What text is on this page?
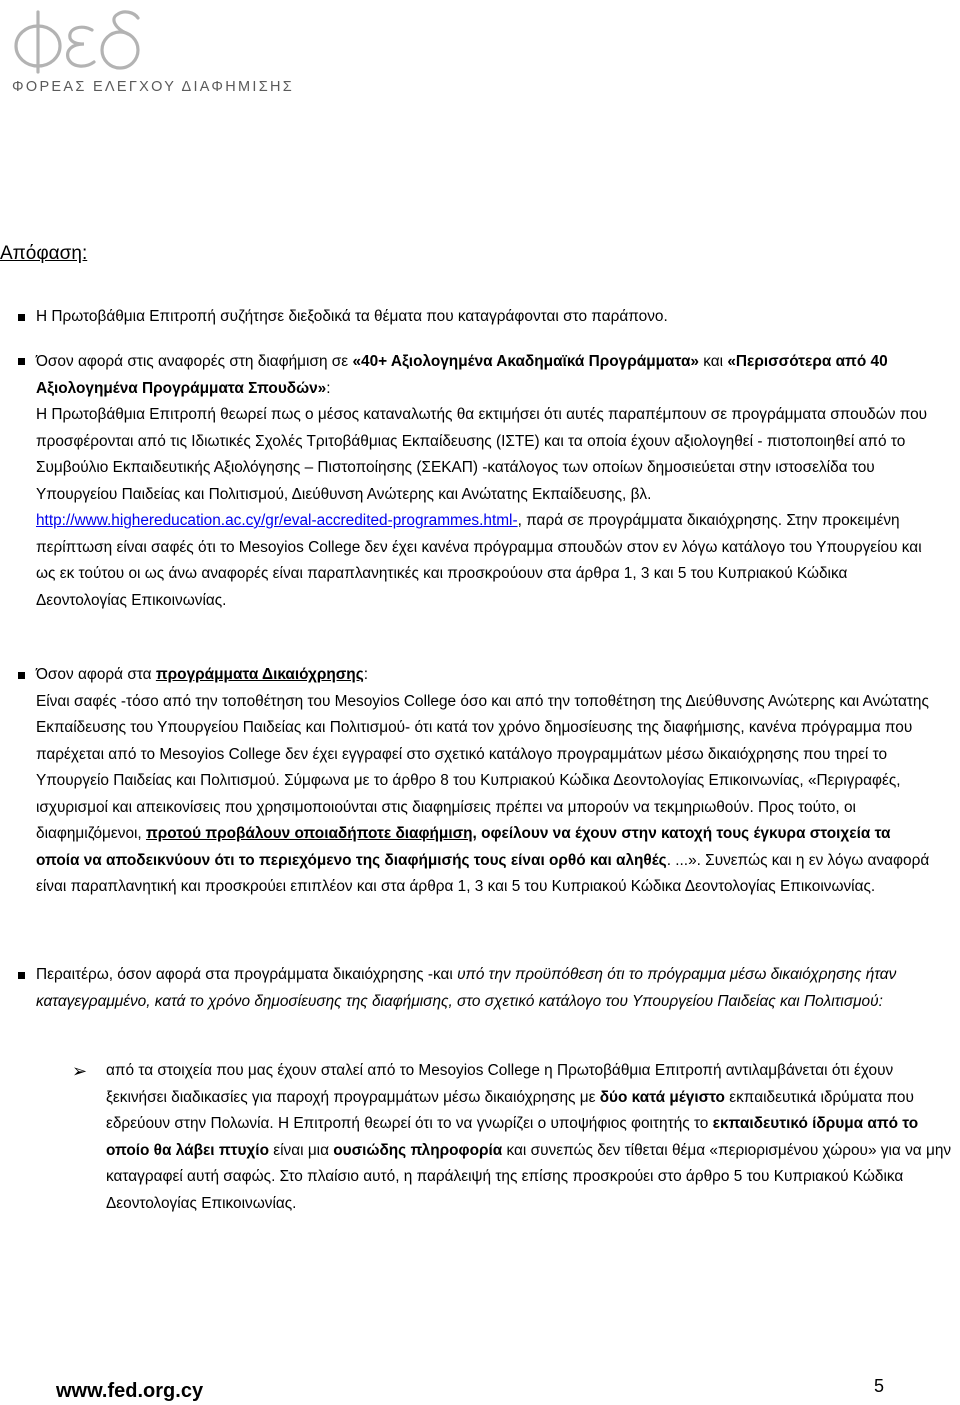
ΦΟΡΕΑΣ ΕΛΕΓΧΟΥ ΔΙΑΦΗΜΙΣΗΣ
Απόφαση:
Η Πρωτοβάθμια Επιτροπή συζήτησε διεξοδικά τα θέματα που καταγράφονται στο παράπονο.
Όσον αφορά στις αναφορές στη διαφήμιση σε «40+ Αξιολογημένα Ακαδημαϊκά Προγράμματα» και «Περισσότερα από 40 Αξιολογημένα Προγράμματα Σπουδών»:
Η Πρωτοβάθμια Επιτροπή θεωρεί πως ο μέσος καταναλωτής θα εκτιμήσει ότι αυτές παραπέμπουν σε προγράμματα σπουδών που προσφέρονται από τις Ιδιωτικές Σχολές Τριτοβάθμιας Εκπαίδευσης (ΙΣΤΕ) και τα οποία έχουν αξιολογηθεί - πιστοποιηθεί από το Συμβούλιο Εκπαιδευτικής Αξιολόγησης – Πιστοποίησης (ΣΕΚΑΠ) -κατάλογος των οποίων δημοσιεύεται στην ιστοσελίδα του Υπουργείου Παιδείας και Πολιτισμού, Διεύθυνση Ανώτερης και Ανώτατης Εκπαίδευσης, βλ. http://www.highereducation.ac.cy/gr/eval-accredited-programmes.html-, παρά σε προγράμματα δικαιόχρησης. Στην προκειμένη περίπτωση είναι σαφές ότι το Mesoyios College δεν έχει κανένα πρόγραμμα σπουδών στον εν λόγω κατάλογο του Υπουργείου και ως εκ τούτου οι ως άνω αναφορές είναι παραπλανητικές και προσκρούουν στα άρθρα 1, 3 και 5 του Κυπριακού Κώδικα Δεοντολογίας Επικοινωνίας.
Όσον αφορά στα προγράμματα Δικαιόχρησης:
Είναι σαφές -τόσο από την τοποθέτηση του Mesoyios College όσο και από την τοποθέτηση της Διεύθυνσης Ανώτερης και Ανώτατης Εκπαίδευσης του Υπουργείου Παιδείας και Πολιτισμού- ότι κατά τον χρόνο δημοσίευσης της διαφήμισης, κανένα πρόγραμμα που παρέχεται από το Mesoyios College δεν έχει εγγραφεί στο σχετικό κατάλογο προγραμμάτων μέσω δικαιόχρησης που τηρεί το Υπουργείο Παιδείας και Πολιτισμού. Σύμφωνα με το άρθρο 8 του Κυπριακού Κώδικα Δεοντολογίας Επικοινωνίας, «Περιγραφές, ισχυρισμοί και απεικονίσεις που χρησιμοποιούνται στις διαφημίσεις πρέπει να μπορούν να τεκμηριωθούν. Προς τούτο, οι διαφημιζόμενοι, προτού προβάλουν οποιαδήποτε διαφήμιση, οφείλουν να έχουν στην κατοχή τους έγκυρα στοιχεία τα οποία να αποδεικνύουν ότι το περιεχόμενο της διαφήμισής τους είναι ορθό και αληθές. ...». Συνεπώς και η εν λόγω αναφορά είναι παραπλανητική και προσκρούει επιπλέον και στα άρθρα 1, 3 και 5 του Κυπριακού Κώδικα Δεοντολογίας Επικοινωνίας.
Περαιτέρω, όσον αφορά στα προγράμματα δικαιόχρησης -και υπό την προϋπόθεση ότι το πρόγραμμα μέσω δικαιόχρησης ήταν καταγεγραμμένο, κατά το χρόνο δημοσίευσης της διαφήμισης, στο σχετικό κατάλογο του Υπουργείου Παιδείας και Πολιτισμού:
➢ από τα στοιχεία που μας έχουν σταλεί από το Mesoyios College η Πρωτοβάθμια Επιτροπή αντιλαμβάνεται ότι έχουν ξεκινήσει διαδικασίες για παροχή προγραμμάτων μέσω δικαιόχρησης με δύο κατά μέγιστο εκπαιδευτικά ιδρύματα που εδρεύουν στην Πολωνία. Η Επιτροπή θεωρεί ότι το να γνωρίζει ο υποψήφιος φοιτητής το εκπαιδευτικό ίδρυμα από το οποίο θα λάβει πτυχίο είναι μια ουσιώδης πληροφορία και συνεπώς δεν τίθεται θέμα «περιορισμένου χώρου» για να μην καταγραφεί αυτή σαφώς. Στο πλαίσιο αυτό, η παράλειψή της επίσης προσκρούει στο άρθρο 5 του Κυπριακού Κώδικα Δεοντολογίας Επικοινωνίας.
www.fed.org.cy	5
